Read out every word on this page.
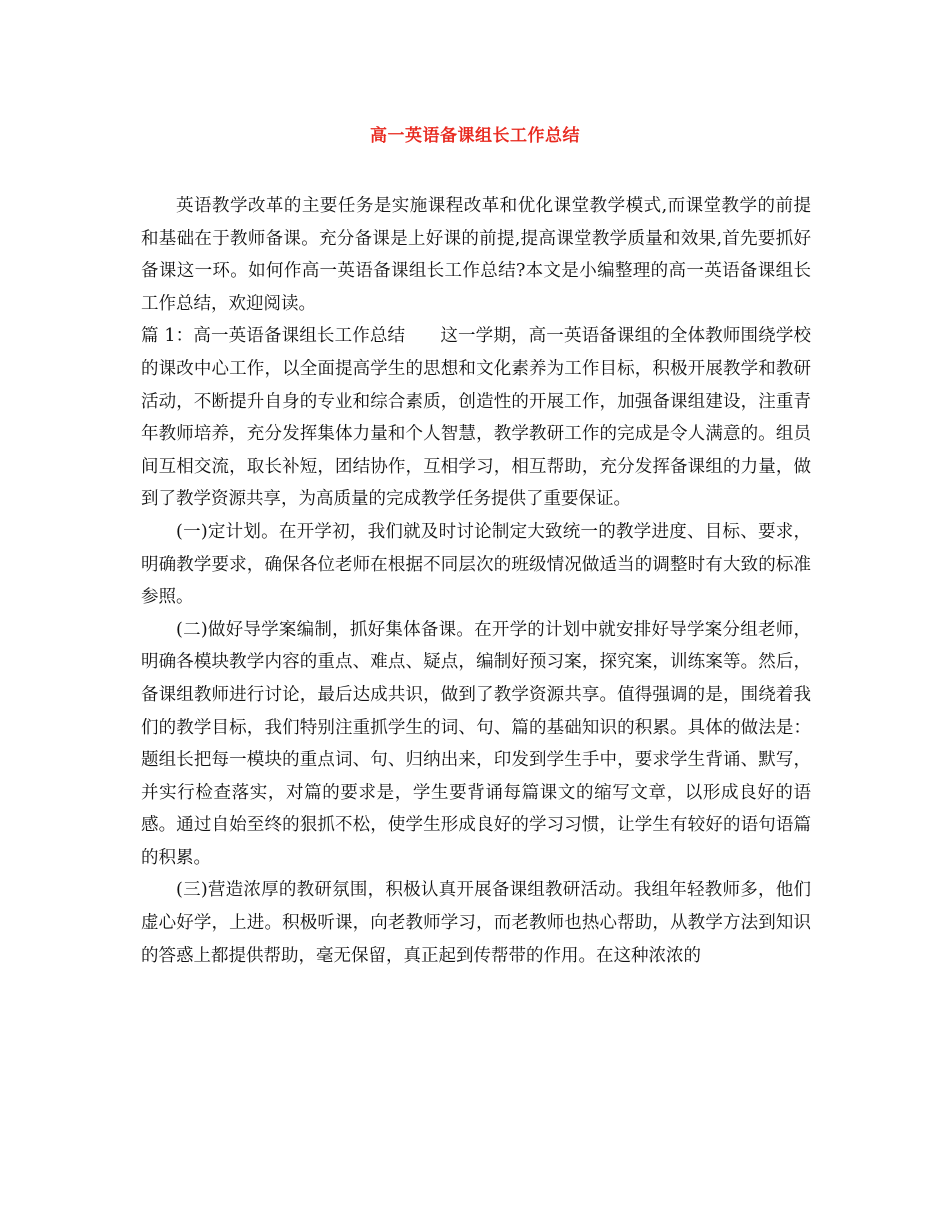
高一英语备课组长工作总结

英语教学改革的主要任务是实施课程改革和优化课堂教学模式,而课堂教学的前提和基础在于教师备课。充分备课是上好课的前提,提高课堂教学质量和效果,首先要抓好备课这一环。如何作高一英语备课组长工作总结?本文是小编整理的高一英语备课组长工作总结，欢迎阅读。

篇 1：高一英语备课组长工作总结 这一学期，高一英语备课组的全体教师围绕学校的课改中心工作，以全面提高学生的思想和文化素养为工作目标，积极开展教学和教研活动，不断提升自身的专业和综合素质，创造性的开展工作，加强备课组建设，注重青年教师培养，充分发挥集体力量和个人智慧，教学教研工作的完成是令人满意的。组员间互相交流，取长补短，团结协作，互相学习，相互帮助，充分发挥备课组的力量，做到了教学资源共享，为高质量的完成教学任务提供了重要保证。

(一)定计划。在开学初，我们就及时讨论制定大致统一的教学进度、目标、要求，明确教学要求，确保各位老师在根据不同层次的班级情况做适当的调整时有大致的标准参照。

(二)做好导学案编制，抓好集体备课。在开学的计划中就安排好导学案分组老师，明确各模块教学内容的重点、难点、疑点，编制好预习案，探究案，训练案等。然后，备课组教师进行讨论，最后达成共识，做到了教学资源共享。值得强调的是，围绕着我们的教学目标，我们特别注重抓学生的词、句、篇的基础知识的积累。具体的做法是：题组长把每一模块的重点词、句、归纳出来，印发到学生手中，要求学生背诵、默写，并实行检查落实，对篇的要求是，学生要背诵每篇课文的缩写文章，以形成良好的语感。通过自始至终的狠抓不松，使学生形成良好的学习习惯，让学生有较好的语句语篇的积累。

(三)营造浓厚的教研氛围，积极认真开展备课组教研活动。我组年轻教师多，他们虚心好学，上进。积极听课，向老教师学习，而老教师也热心帮助，从教学方法到知识的答惑上都提供帮助，毫无保留，真正起到传帮带的作用。在这种浓浓的
